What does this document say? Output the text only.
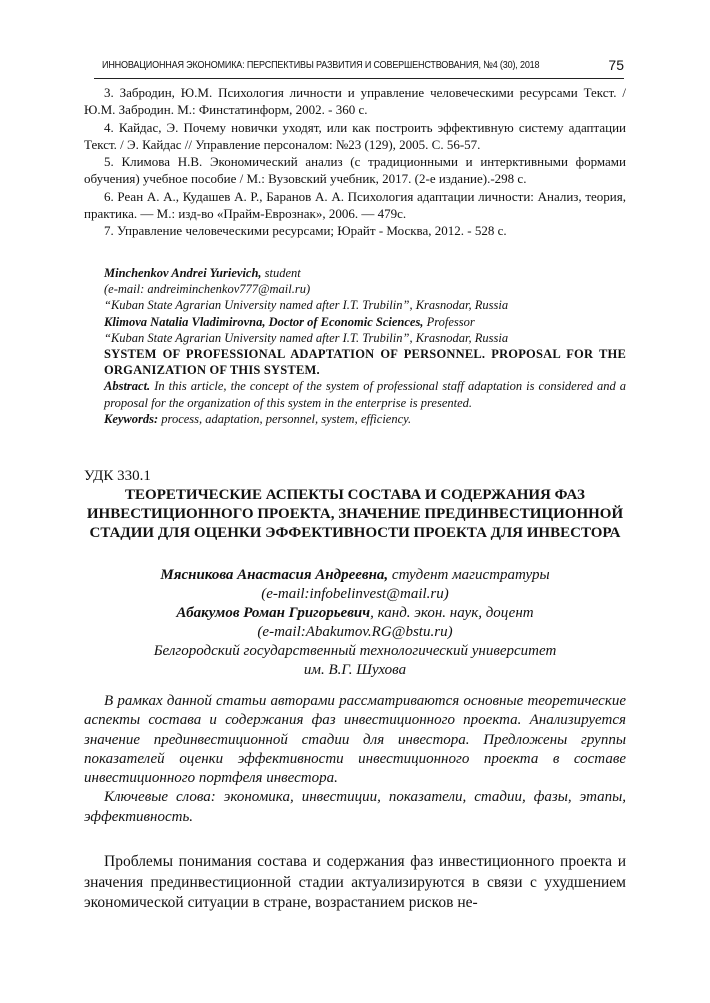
ИННОВАЦИОННАЯ ЭКОНОМИКА: ПЕРСПЕКТИВЫ РАЗВИТИЯ И СОВЕРШЕНСТВОВАНИЯ, №4 (30), 2018	75

3. Забродин, Ю.М. Психология личности и управление человеческими ресурсами Текст. / Ю.М. Забродин. М.: Финстатинформ, 2002. - 360 с.

4. Кайдас, Э. Почему новички уходят, или как построить эффективную систему адаптации Текст. / Э. Кайдас // Управление персоналом: №23 (129), 2005. С. 56-57.

5. Климова Н.В. Экономический анализ (с традиционными и интерктивными формами обучения) учебное пособие / М.: Вузовский учебник, 2017. (2-е издание).-298 с.

6. Реан А. А., Кудашев А. Р., Баранов А. А. Психология адаптации личности: Анализ, теория, практика. — М.: изд-во «Прайм-Еврознак», 2006. — 479с.

7. Управление человеческими ресурсами; Юрайт - Москва, 2012. - 528 с.

Minchenkov Andrei Yurievich, student
(e-mail: andreiminchenkov777@mail.ru)
“Kuban State Agrarian University named after I.T. Trubilin”, Krasnodar, Russia
Klimova Natalia Vladimirovna, Doctor of Economic Sciences, Professor
“Kuban State Agrarian University named after I.T. Trubilin”, Krasnodar, Russia
SYSTEM OF PROFESSIONAL ADAPTATION OF PERSONNEL. PROPOSAL FOR THE ORGANIZATION OF THIS SYSTEM.
Abstract. In this article, the concept of the system of professional staff adaptation is considered and a proposal for the organization of this system in the enterprise is presented.
Keywords: process, adaptation, personnel, system, efficiency.
УДК 330.1
ТЕОРЕТИЧЕСКИЕ АСПЕКТЫ СОСТАВА И СОДЕРЖАНИЯ ФАЗ ИНВЕСТИЦИОННОГО ПРОЕКТА, ЗНАЧЕНИЕ ПРЕДИНВЕСТИЦИОННОЙ СТАДИИ ДЛЯ ОЦЕНКИ ЭФФЕКТИВНОСТИ ПРОЕКТА ДЛЯ ИНВЕСТОРА
Мясникова Анастасия Андреевна, студент магистратуры
(e-mail:infobelinvest@mail.ru)
Абакумов Роман Григорьевич, канд. экон. наук, доцент
(e-mail:Abakumov.RG@bstu.ru)
Белгородский государственный технологический университет
им. В.Г. Шухова

В рамках данной статьи авторами рассматриваются основные теоретические аспекты состава и содержания фаз инвестиционного проекта. Анализируется значение прединвестиционной стадии для инвестора. Предложены группы показателей оценки эффективности инвестиционного проекта в составе инвестиционного портфеля инвестора.

Ключевые слова: экономика, инвестиции, показатели, стадии, фазы, этапы, эффективность.

Проблемы понимания состава и содержания фаз инвестиционного проекта и значения прединвестиционной стадии актуализируются в связи с ухудшением экономической ситуации в стране, возрастанием рисков не-
